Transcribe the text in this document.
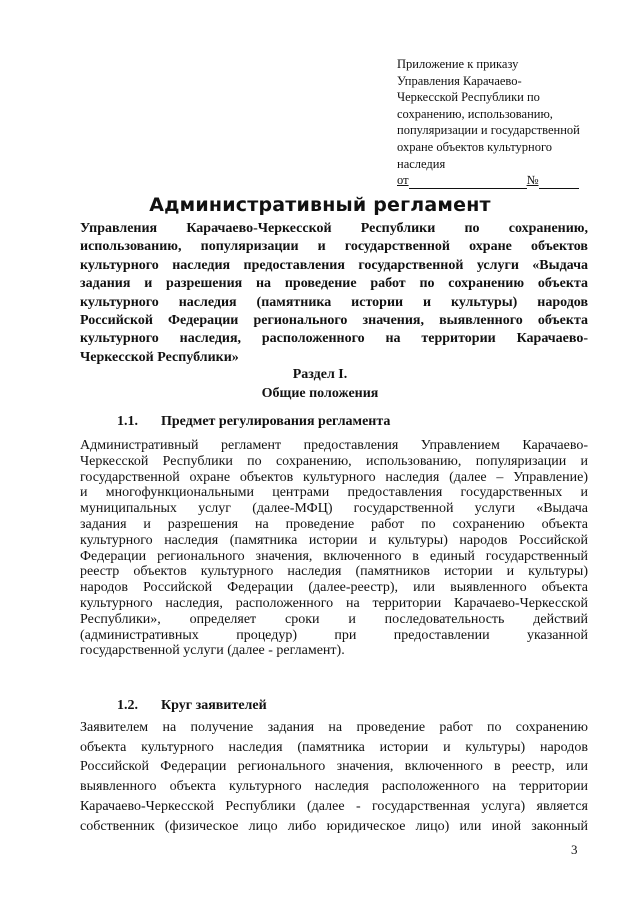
Приложение к приказу
Управления Карачаево-
Черкесской Республики по
сохранению, использованию,
популяризации и государственной
охране объектов культурного
наследия
от	№
Административный регламент
Управления Карачаево-Черкесской Республики по сохранению,
использованию, популяризации и государственной охране объектов
культурного наследия предоставления государственной услуги «Выдача
задания и разрешения на проведение работ по сохранению объекта
культурного наследия (памятника истории и культуры) народов
Российской Федерации регионального значения, выявленного объекта
культурного наследия, расположенного на территории Карачаево-
Черкесской Республики»
Раздел I.
Общие положения
1.1. Предмет регулирования регламента
Административный регламент предоставления Управлением Карачаево-
Черкесской Республики по сохранению, использованию, популяризации и
государственной охране объектов культурного наследия (далее – Управление)
и многофункциональными центрами предоставления государственных и
муниципальных услуг (далее-МФЦ) государственной услуги «Выдача
задания и разрешения на проведение работ по сохранению объекта
культурного наследия (памятника истории и культуры) народов Российской
Федерации регионального значения, включенного в единый государственный
реестр объектов культурного наследия (памятников истории и культуры)
народов Российской Федерации (далее-реестр), или выявленного объекта
культурного наследия, расположенного на территории Карачаево-Черкесской
Республики», определяет сроки и последовательность действий
(административных процедур) при предоставлении указанной
государственной услуги (далее - регламент).
1.2. Круг заявителей
Заявителем на получение задания на проведение работ по сохранению
объекта культурного наследия (памятника истории и культуры) народов
Российской Федерации регионального значения, включенного в реестр, или
выявленного объекта культурного наследия расположенного на территории
Карачаево-Черкесской Республики (далее - государственная услуга) является
собственник (физическое лицо либо юридическое лицо) или иной законный
3
